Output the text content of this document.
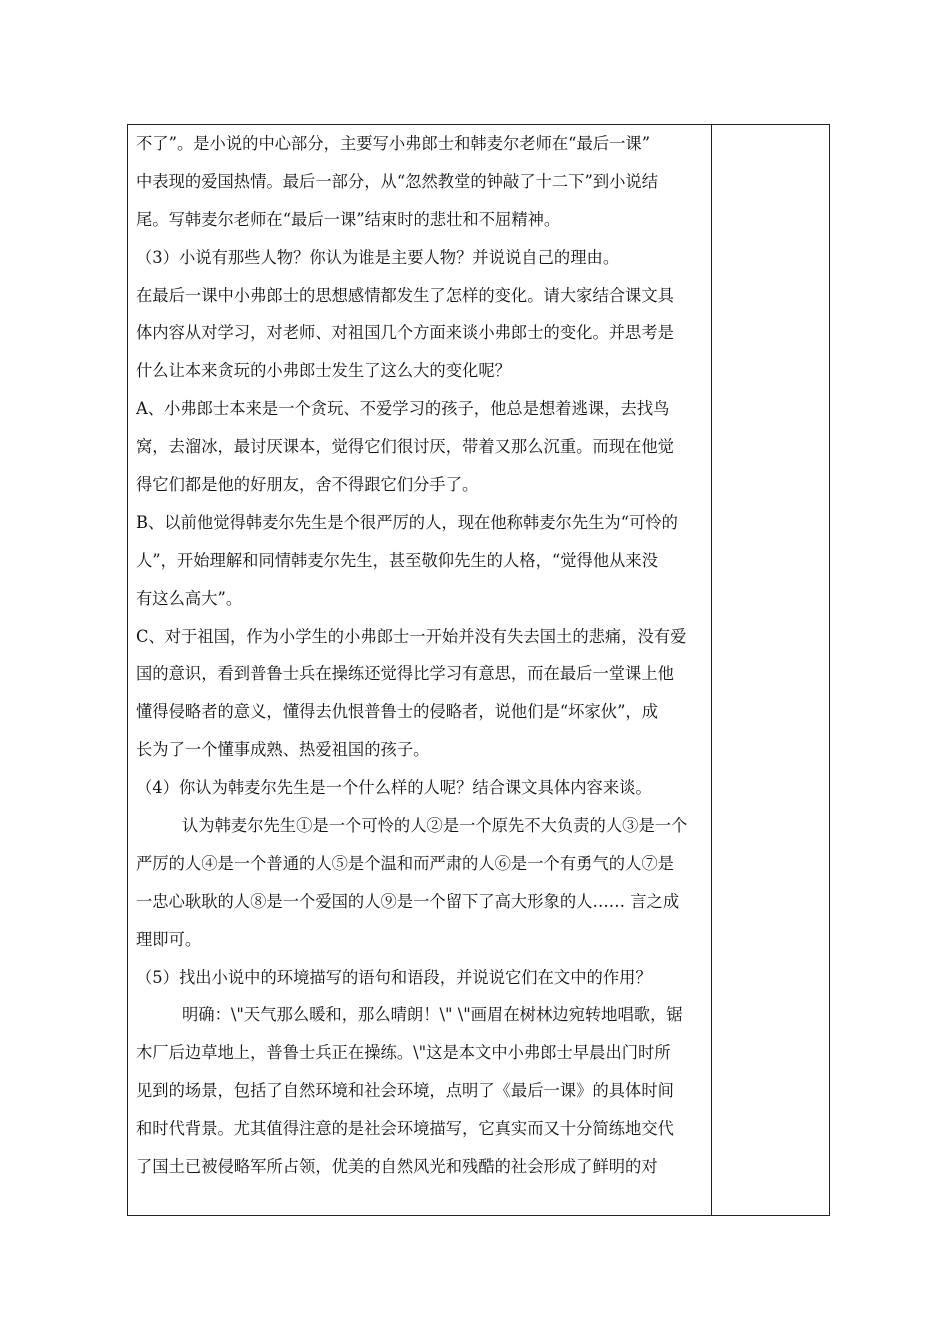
不了”。是小说的中心部分，主要写小弗郎士和韩麦尔老师在“最后一课”
中表现的爱国热情。最后一部分，从“忽然教堂的钟敲了十二下”到小说结
尾。写韩麦尔老师在“最后一课”结束时的悲壮和不屈精神。
（3）小说有那些人物？你认为谁是主要人物？并说说自己的理由。
在最后一课中小弗郎士的思想感情都发生了怎样的变化。请大家结合课文具
体内容从对学习，对老师、对祖国几个方面来谈小弗郎士的变化。并思考是
什么让本来贪玩的小弗郎士发生了这么大的变化呢？
A、小弗郎士本来是一个贪玩、不爱学习的孩子，他总是想着逃课，去找鸟
窝，去溜冰，最讨厌课本，觉得它们很讨厌，带着又那么沉重。而现在他觉
得它们都是他的好朋友，舍不得跟它们分手了。
B、以前他觉得韩麦尔先生是个很严厉的人，现在他称韩麦尔先生为“可怜的
人”，开始理解和同情韩麦尔先生，甚至敬仰先生的人格，“觉得他从来没
有这么高大”。
C、对于祖国，作为小学生的小弗郎士一开始并没有失去国土的悲痛，没有爱
国的意识，看到普鲁士兵在操练还觉得比学习有意思，而在最后一堂课上他
懂得侵略者的意义，懂得去仇恨普鲁士的侵略者，说他们是“坏家伙”，成
长为了一个懂事成熟、热爱祖国的孩子。
（4）你认为韩麦尔先生是一个什么样的人呢？结合课文具体内容来谈。
认为韩麦尔先生①是一个可怜的人②是一个原先不大负责的人③是一个
严厉的人④是一个普通的人⑤是个温和而严肃的人⑥是一个有勇气的人⑦是
一忠心耿耿的人⑧是一个爱国的人⑨是一个留下了高大形象的人…… 言之成
理即可。
（5）找出小说中的环境描写的语句和语段，并说说它们在文中的作用？
明确：\"天气那么暖和，那么晴朗！\" \"画眉在树林边宛转地唱歌，锯
木厂后边草地上，普鲁士兵正在操练。\"这是本文中小弗郎士早晨出门时所
见到的场景，包括了自然环境和社会环境，点明了《最后一课》的具体时间
和时代背景。尤其值得注意的是社会环境描写，它真实而又十分简练地交代
了国土已被侵略军所占领，优美的自然风光和残酷的社会形成了鲜明的对
